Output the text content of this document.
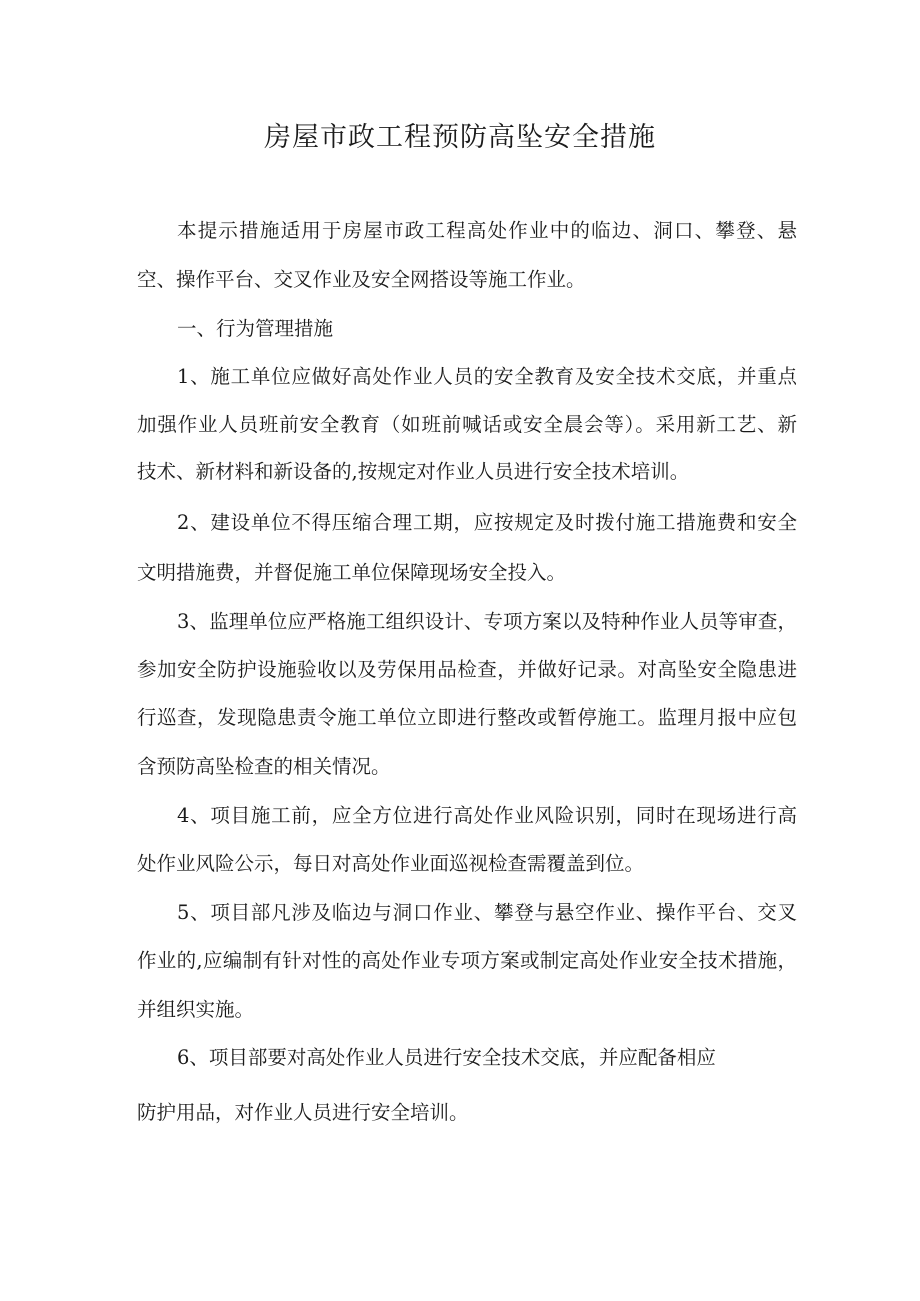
房屋市政工程预防高坠安全措施

本提示措施适用于房屋市政工程高处作业中的临边、洞口、攀登、悬

空、操作平台、交叉作业及安全网搭设等施工作业。

一、行为管理措施

1、施工单位应做好高处作业人员的安全教育及安全技术交底，并重点

加强作业人员班前安全教育（如班前喊话或安全晨会等）。采用新工艺、新

技术、新材料和新设备的,按规定对作业人员进行安全技术培训。

2、建设单位不得压缩合理工期，应按规定及时拨付施工措施费和安全

文明措施费，并督促施工单位保障现场安全投入。

3、监理单位应严格施工组织设计、专项方案以及特种作业人员等审查，

参加安全防护设施验收以及劳保用品检查，并做好记录。对高坠安全隐患进

行巡查，发现隐患责令施工单位立即进行整改或暂停施工。监理月报中应包

含预防高坠检查的相关情况。

4、项目施工前，应全方位进行高处作业风险识别，同时在现场进行高

处作业风险公示，每日对高处作业面巡视检查需覆盖到位。

5、项目部凡涉及临边与洞口作业、攀登与悬空作业、操作平台、交叉

作业的,应编制有针对性的高处作业专项方案或制定高处作业安全技术措施，

并组织实施。

6、项目部要对高处作业人员进行安全技术交底，并应配备相应

防护用品，对作业人员进行安全培训。
